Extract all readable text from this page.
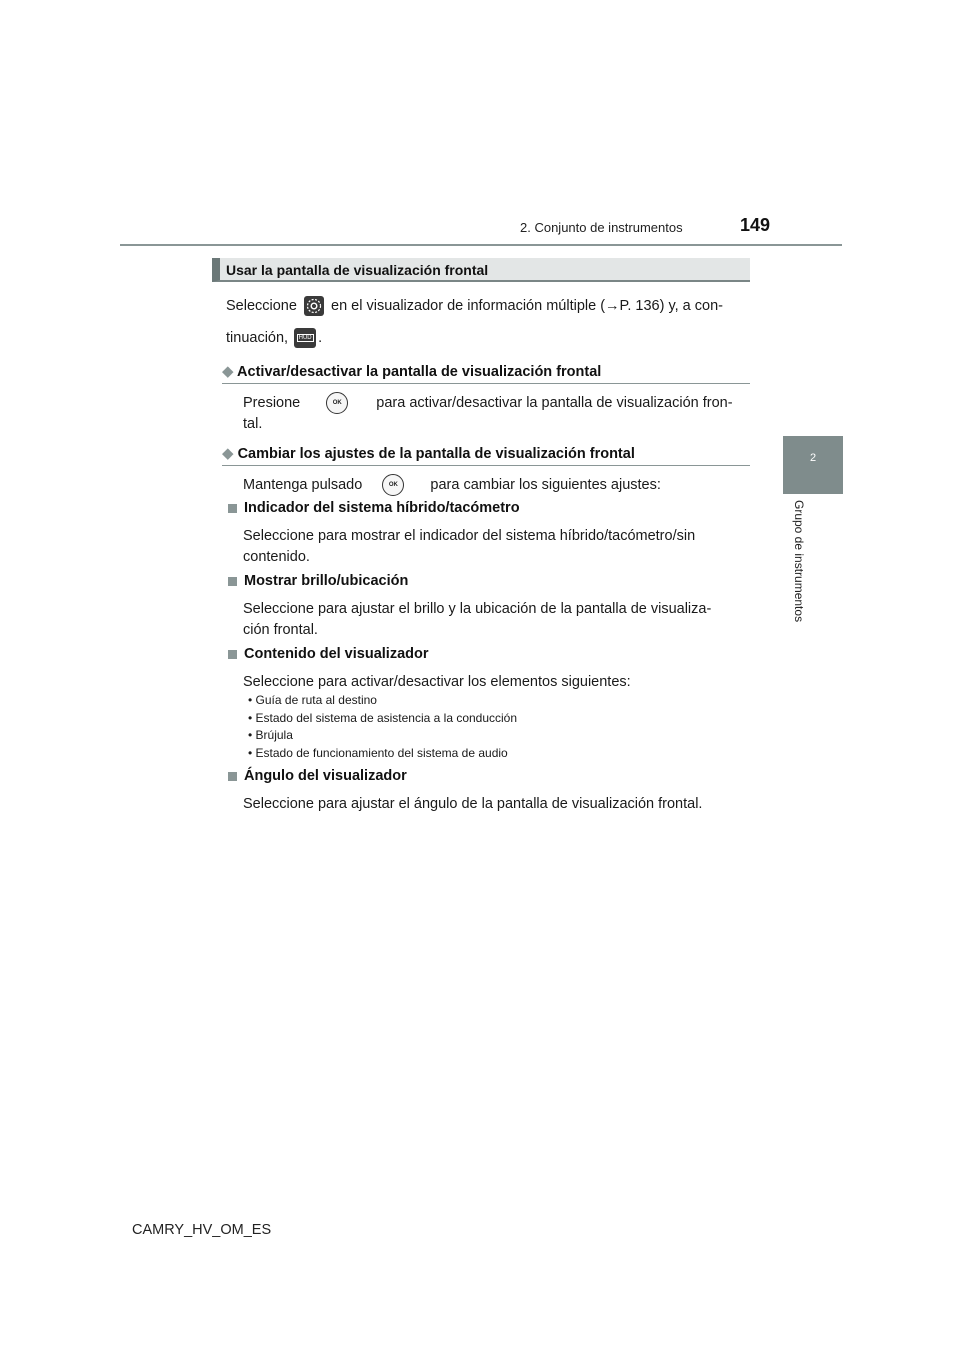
2. Conjunto de instrumentos	149
2
Grupo de instrumentos
Usar la pantalla de visualización frontal
Seleccione en el visualizador de información múltiple (→P. 136) y, a con-
tinuación, HUD .
◆ Activar/desactivar la pantalla de visualización frontal
Presione	OK para activar/desactivar la pantalla de visualización fron-
tal.
◆ Cambiar los ajustes de la pantalla de visualización frontal
Mantenga pulsado	OK para cambiar los siguientes ajustes:
Indicador del sistema híbrido/tacómetro
Seleccione para mostrar el indicador del sistema híbrido/tacómetro/sin
contenido.
Mostrar brillo/ubicación
Seleccione para ajustar el brillo y la ubicación de la pantalla de visualiza-
ción frontal.
Contenido del visualizador
Seleccione para activar/desactivar los elementos siguientes:
• Guía de ruta al destino
• Estado del sistema de asistencia a la conducción
• Brújula
• Estado de funcionamiento del sistema de audio
Ángulo del visualizador
Seleccione para ajustar el ángulo de la pantalla de visualización frontal.
CAMRY_HV_OM_ES
